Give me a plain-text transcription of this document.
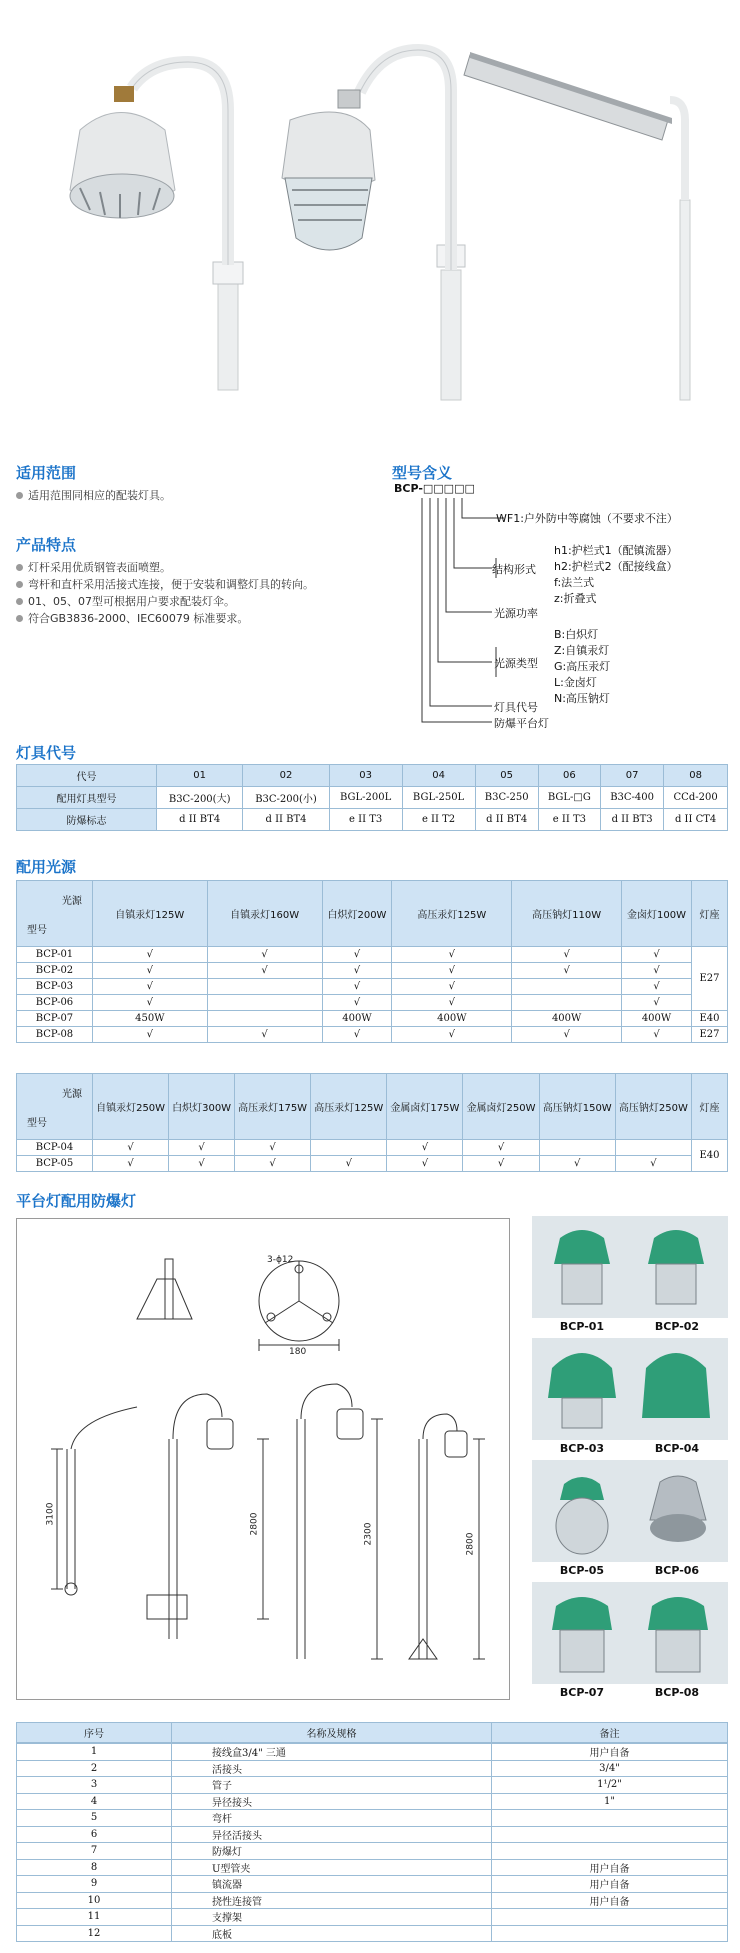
适用范围
适用范围同相应的配装灯具。
产品特点
灯杆采用优质钢管表面喷塑。
弯杆和直杆采用活接式连接，便于安装和调整灯具的转向。
01、05、07型可根据用户要求配装灯伞。
符合GB3836-2000、IEC60079 标准要求。
型号含义
BCP-□□□□□
WF1:户外防中等腐蚀（不要求不注）
结构形式
h1:护栏式1（配镇流器）
h2:护栏式2（配接线盒）
f:法兰式
z:折叠式
光源功率
光源类型
B:白炽灯
Z:自镇汞灯
G:高压汞灯
L:金卤灯
N:高压钠灯
灯具代号
防爆平台灯
灯具代号
代号	01	02	03	04	05	06	07	08
配用灯具型号	B3C-200(大)	B3C-200(小)	BGL-200L	BGL-250L	B3C-250	BGL-□G	B3C-400	CCd-200
防爆标志	d II BT4	d II BT4	e II T3	e II T2	d II BT4	e II T3	d II BT3	d II CT4
配用光源
光源
型号	自镇汞灯125W	自镇汞灯160W	白炽灯200W	高压汞灯125W	高压钠灯110W	金卤灯100W	灯座
BCP-01	√	√	√	√	√	√	E27
BCP-02	√	√	√	√	√	√	
BCP-03	√		√	√		√	
BCP-06	√		√	√		√	
BCP-07	450W		400W	400W	400W	400W	E40
BCP-08	√	√	√	√	√	√	E27
光源
型号	自镇汞灯250W	白炽灯300W	高压汞灯175W	高压汞灯125W	金属卤灯175W	金属卤灯250W	高压钠灯150W	高压钠灯250W	灯座
BCP-04	√	√	√		√	√			E40
BCP-05	√	√	√	√	√	√	√	√	
平台灯配用防爆灯
3-ϕ12
180
3100	2800	2300	2800
BCP-01	BCP-02
BCP-03	BCP-04
BCP-05	BCP-06
BCP-07	BCP-08
序号	名称及规格	备注
1	接线盒3/4" 三通	用户自备
2	活接头	3/4"
3	管子	1¹/2"
4	异径接头	1"
5	弯杆	
6	异径活接头	
7	防爆灯	
8	U型管夹	用户自备
9	镇流器	用户自备
10	挠性连接管	用户自备
11	支撑架	
12	底板	
